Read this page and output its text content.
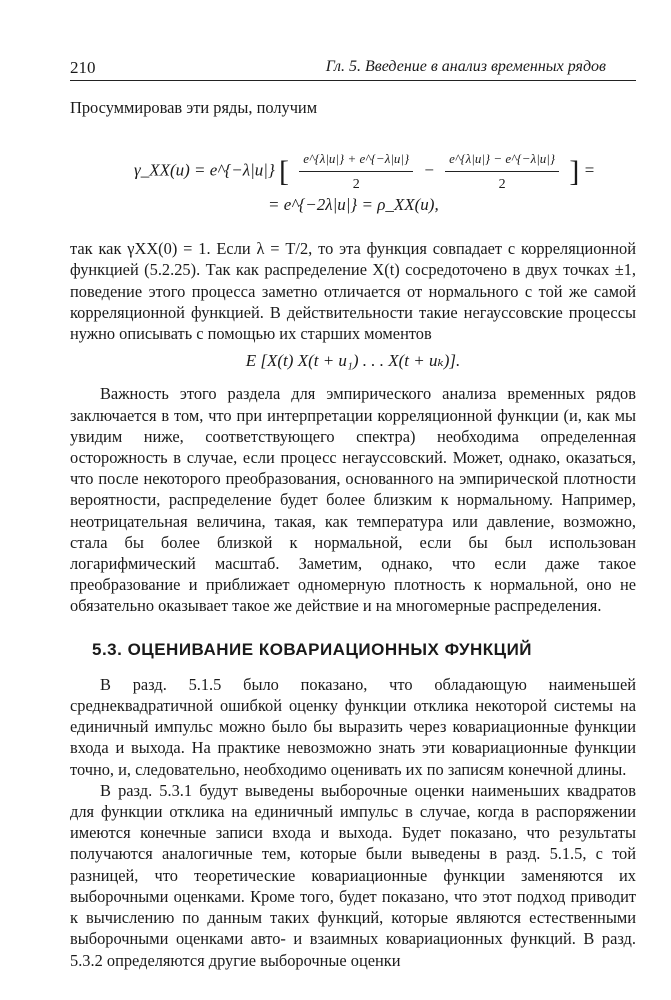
210	Гл. 5. Введение в анализ временных рядов

Просуммировав эти ряды, получим

γ_XX(u) = e^{−λ|u|} [ $\frac{e\^{}\{\lambda|u|\} + e\^{}\{-\lambda|u|\}}{2} - \frac{e\^{}\{\lambda|u|\} - e\^{}\{-\lambda|u|\}}{2}$ ] =
= e^{−2λ|u|} = ρ_XX(u),

так как γXX(0) = 1. Если λ = T/2, то эта функция совпадает с корреляционной функцией (5.2.25). Так как распределение X(t) сосредоточено в двух точках ±1, поведение этого процесса заметно отличается от нормального с той же самой корреляционной функцией. В действительности такие негауссовские процессы нужно описывать с помощью их старших моментов

E [X(t) X(t + u₁) . . . X(t + uₖ)].

Важность этого раздела для эмпирического анализа временных рядов заключается в том, что при интерпретации корреляционной функции (и, как мы увидим ниже, соответствующего спектра) необходима определенная осторожность в случае, если процесс негауссовский. Может, однако, оказаться, что после некоторого преобразования, основанного на эмпирической плотности вероятности, распределение будет более близким к нормальному. Например, неотрицательная величина, такая, как температура или давление, возможно, стала бы более близкой к нормальной, если бы был использован логарифмический масштаб. Заметим, однако, что если даже такое преобразование и приближает одномерную плотность к нормальной, оно не обязательно оказывает такое же действие и на многомерные распределения.

5.3. ОЦЕНИВАНИЕ КОВАРИАЦИОННЫХ ФУНКЦИЙ

В разд. 5.1.5 было показано, что обладающую наименьшей среднеквадратичной ошибкой оценку функции отклика некоторой системы на единичный импульс можно было бы выразить через ковариационные функции входа и выхода. На практике невозможно знать эти ковариационные функции точно, и, следовательно, необходимо оценивать их по записям конечной длины.

В разд. 5.3.1 будут выведены выборочные оценки наименьших квадратов для функции отклика на единичный импульс в случае, когда в распоряжении имеются конечные записи входа и выхода. Будет показано, что результаты получаются аналогичные тем, которые были выведены в разд. 5.1.5, с той разницей, что теоретические ковариационные функции заменяются их выборочными оценками. Кроме того, будет показано, что этот подход приводит к вычислению по данным таких функций, которые являются естественными выборочными оценками авто- и взаимных ковариационных функций. В разд. 5.3.2 определяются другие выборочные оценки
